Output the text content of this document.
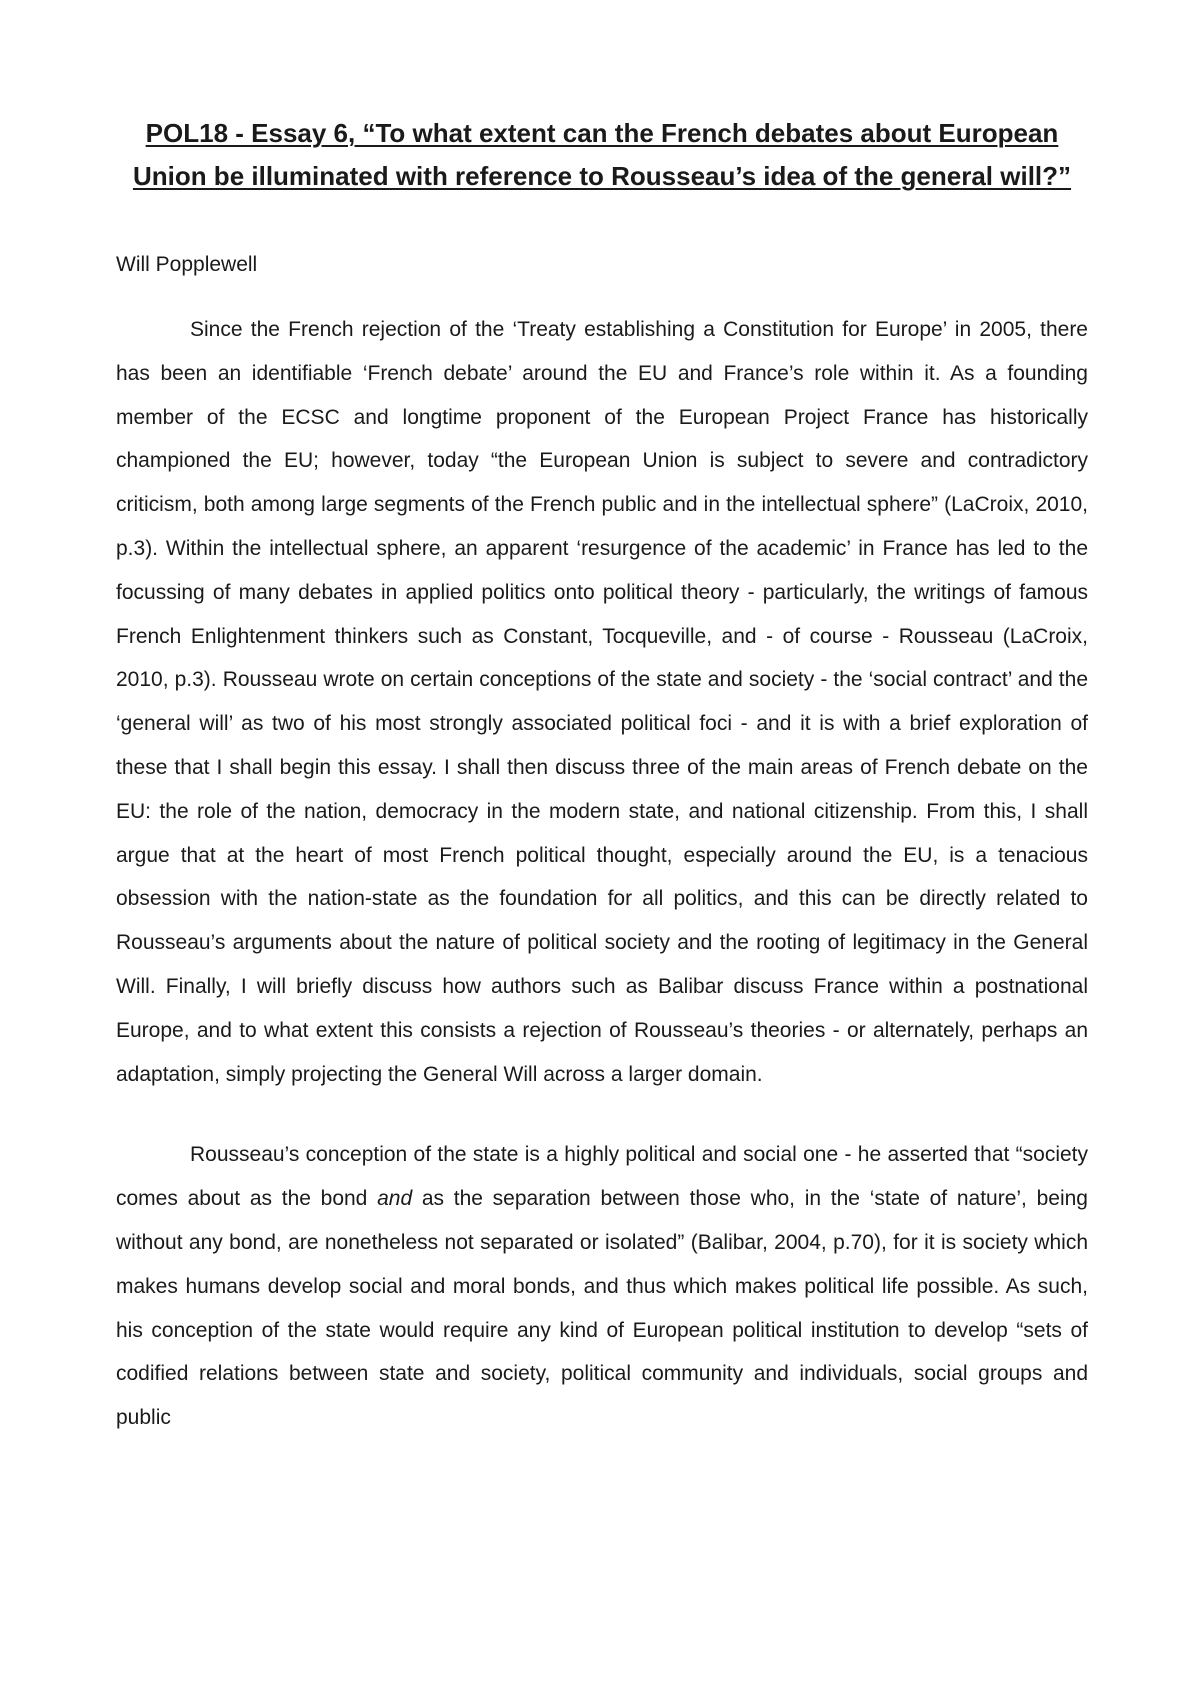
POL18 - Essay 6, “To what extent can the French debates about European Union be illuminated with reference to Rousseau’s idea of the general will?”

Will Popplewell

Since the French rejection of the ‘Treaty establishing a Constitution for Europe’ in 2005, there has been an identifiable ‘French debate’ around the EU and France’s role within it. As a founding member of the ECSC and longtime proponent of the European Project France has historically championed the EU; however, today “the European Union is subject to severe and contradictory criticism, both among large segments of the French public and in the intellectual sphere” (LaCroix, 2010, p.3). Within the intellectual sphere, an apparent ‘resurgence of the academic’ in France has led to the focussing of many debates in applied politics onto political theory - particularly, the writings of famous French Enlightenment thinkers such as Constant, Tocqueville, and - of course - Rousseau (LaCroix, 2010, p.3). Rousseau wrote on certain conceptions of the state and society - the ‘social contract’ and the ‘general will’ as two of his most strongly associated political foci - and it is with a brief exploration of these that I shall begin this essay. I shall then discuss three of the main areas of French debate on the EU: the role of the nation, democracy in the modern state, and national citizenship. From this, I shall argue that at the heart of most French political thought, especially around the EU, is a tenacious obsession with the nation-state as the foundation for all politics, and this can be directly related to Rousseau’s arguments about the nature of political society and the rooting of legitimacy in the General Will. Finally, I will briefly discuss how authors such as Balibar discuss France within a postnational Europe, and to what extent this consists a rejection of Rousseau’s theories - or alternately, perhaps an adaptation, simply projecting the General Will across a larger domain.

Rousseau’s conception of the state is a highly political and social one - he asserted that “society comes about as the bond and as the separation between those who, in the ‘state of nature’, being without any bond, are nonetheless not separated or isolated” (Balibar, 2004, p.70), for it is society which makes humans develop social and moral bonds, and thus which makes political life possible. As such, his conception of the state would require any kind of European political institution to develop “sets of codified relations between state and society, political community and individuals, social groups and public
